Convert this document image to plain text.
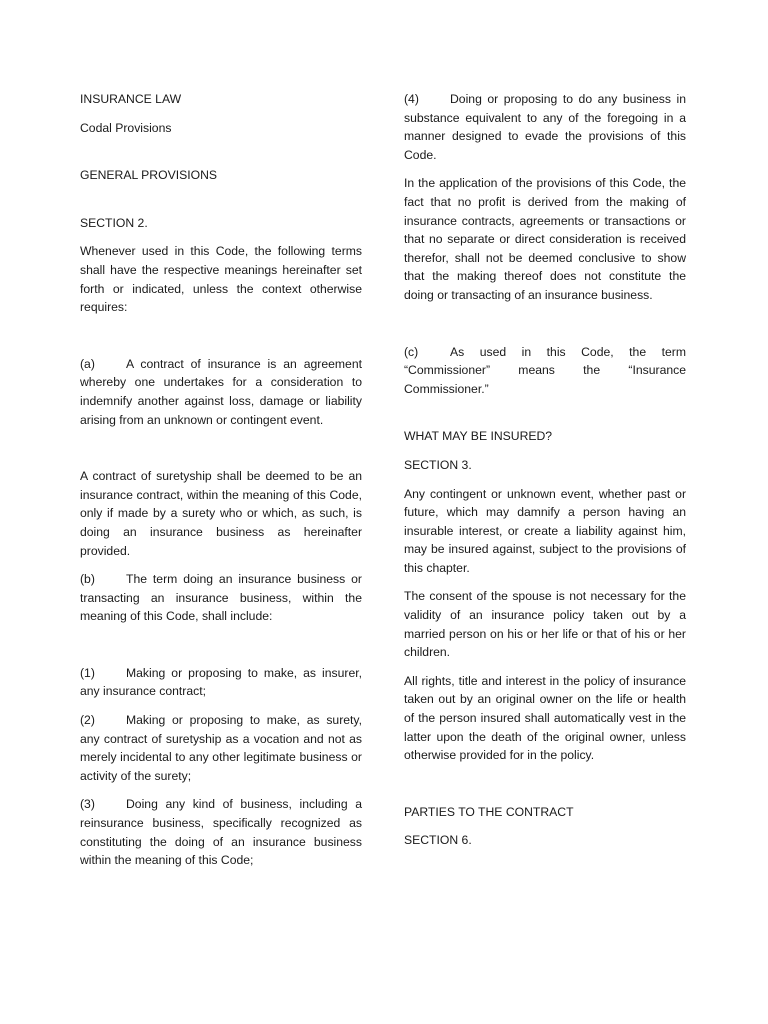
INSURANCE LAW

Codal Provisions

GENERAL PROVISIONS

SECTION 2.

Whenever used in this Code, the following terms shall have the respective meanings hereinafter set forth or indicated, unless the context otherwise requires:

(a)	A contract of insurance is an agreement whereby one undertakes for a consideration to indemnify another against loss, damage or liability arising from an unknown or contingent event.

A contract of suretyship shall be deemed to be an insurance contract, within the meaning of this Code, only if made by a surety who or which, as such, is doing an insurance business as hereinafter provided.

(b)	The term doing an insurance business or transacting an insurance business, within the meaning of this Code, shall include:

(1)	Making or proposing to make, as insurer, any insurance contract;

(2)	Making or proposing to make, as surety, any contract of suretyship as a vocation and not as merely incidental to any other legitimate business or activity of the surety;

(3)	Doing any kind of business, including a reinsurance business, specifically recognized as constituting the doing of an insurance business within the meaning of this Code;

(4)	Doing or proposing to do any business in substance equivalent to any of the foregoing in a manner designed to evade the provisions of this Code.

In the application of the provisions of this Code, the fact that no profit is derived from the making of insurance contracts, agreements or transactions or that no separate or direct consideration is received therefor, shall not be deemed conclusive to show that the making thereof does not constitute the doing or transacting of an insurance business.

(c)	As used in this Code, the term “Commissioner” means the “Insurance Commissioner.”

WHAT MAY BE INSURED?

SECTION 3.

Any contingent or unknown event, whether past or future, which may damnify a person having an insurable interest, or create a liability against him, may be insured against, subject to the provisions of this chapter.

The consent of the spouse is not necessary for the validity of an insurance policy taken out by a married person on his or her life or that of his or her children.

All rights, title and interest in the policy of insurance taken out by an original owner on the life or health of the person insured shall automatically vest in the latter upon the death of the original owner, unless otherwise provided for in the policy.

PARTIES TO THE CONTRACT

SECTION 6.
